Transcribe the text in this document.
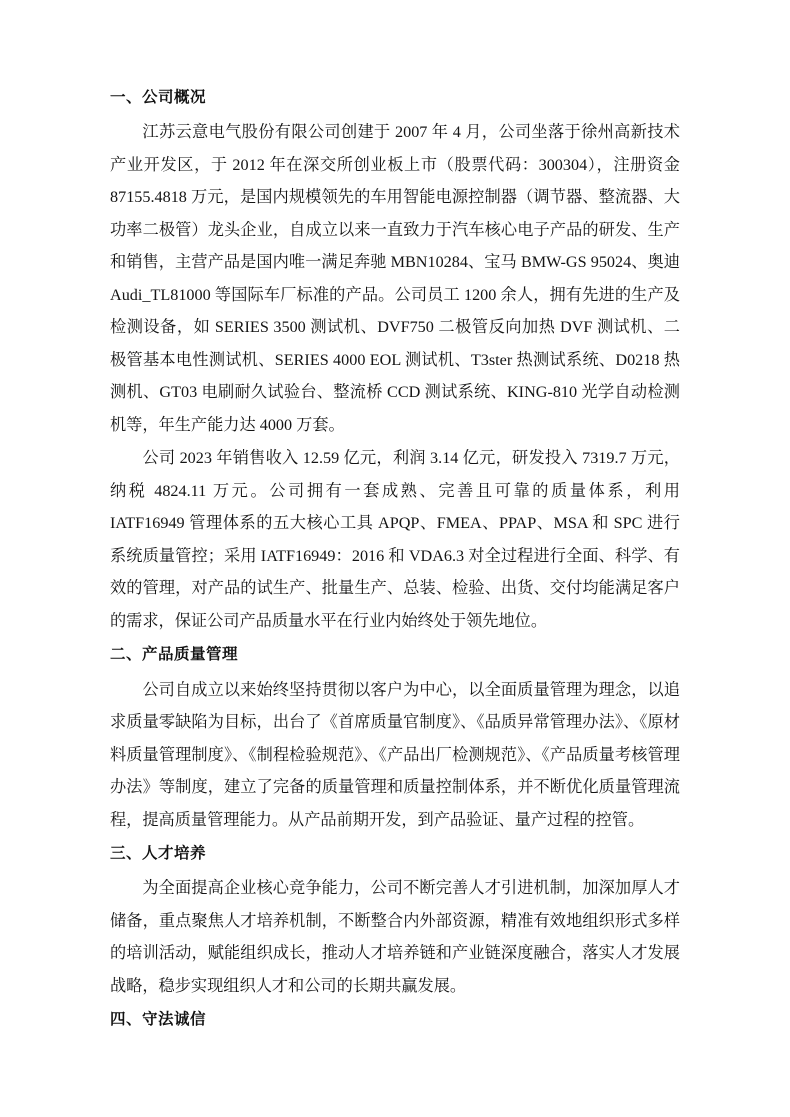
一、公司概况

江苏云意电气股份有限公司创建于 2007 年 4 月，公司坐落于徐州高新技术产业开发区，于 2012 年在深交所创业板上市（股票代码：300304），注册资金 87155.4818 万元，是国内规模领先的车用智能电源控制器（调节器、整流器、大功率二极管）龙头企业，自成立以来一直致力于汽车核心电子产品的研发、生产和销售，主营产品是国内唯一满足奔驰 MBN10284、宝马 BMW-GS 95024、奥迪 Audi_TL81000 等国际车厂标准的产品。公司员工 1200 余人，拥有先进的生产及检测设备，如 SERIES 3500 测试机、DVF750 二极管反向加热 DVF 测试机、二极管基本电性测试机、SERIES 4000 EOL 测试机、T3ster 热测试系统、D0218 热测机、GT03 电刷耐久试验台、整流桥 CCD 测试系统、KING-810 光学自动检测机等，年生产能力达 4000 万套。

公司 2023 年销售收入 12.59 亿元，利润 3.14 亿元，研发投入 7319.7 万元，纳税 4824.11 万元。公司拥有一套成熟、完善且可靠的质量体系，利用 IATF16949 管理体系的五大核心工具 APQP、FMEA、PPAP、MSA 和 SPC 进行系统质量管控；采用 IATF16949：2016 和 VDA6.3 对全过程进行全面、科学、有效的管理，对产品的试生产、批量生产、总装、检验、出货、交付均能满足客户的需求，保证公司产品质量水平在行业内始终处于领先地位。

二、产品质量管理

公司自成立以来始终坚持贯彻以客户为中心，以全面质量管理为理念，以追求质量零缺陷为目标，出台了《首席质量官制度》、《品质异常管理办法》、《原材料质量管理制度》、《制程检验规范》、《产品出厂检测规范》、《产品质量考核管理办法》等制度，建立了完备的质量管理和质量控制体系，并不断优化质量管理流程，提高质量管理能力。从产品前期开发，到产品验证、量产过程的控管。

三、人才培养

为全面提高企业核心竞争能力，公司不断完善人才引进机制，加深加厚人才储备，重点聚焦人才培养机制，不断整合内外部资源，精准有效地组织形式多样的培训活动，赋能组织成长，推动人才培养链和产业链深度融合，落实人才发展战略，稳步实现组织人才和公司的长期共赢发展。

四、守法诚信
